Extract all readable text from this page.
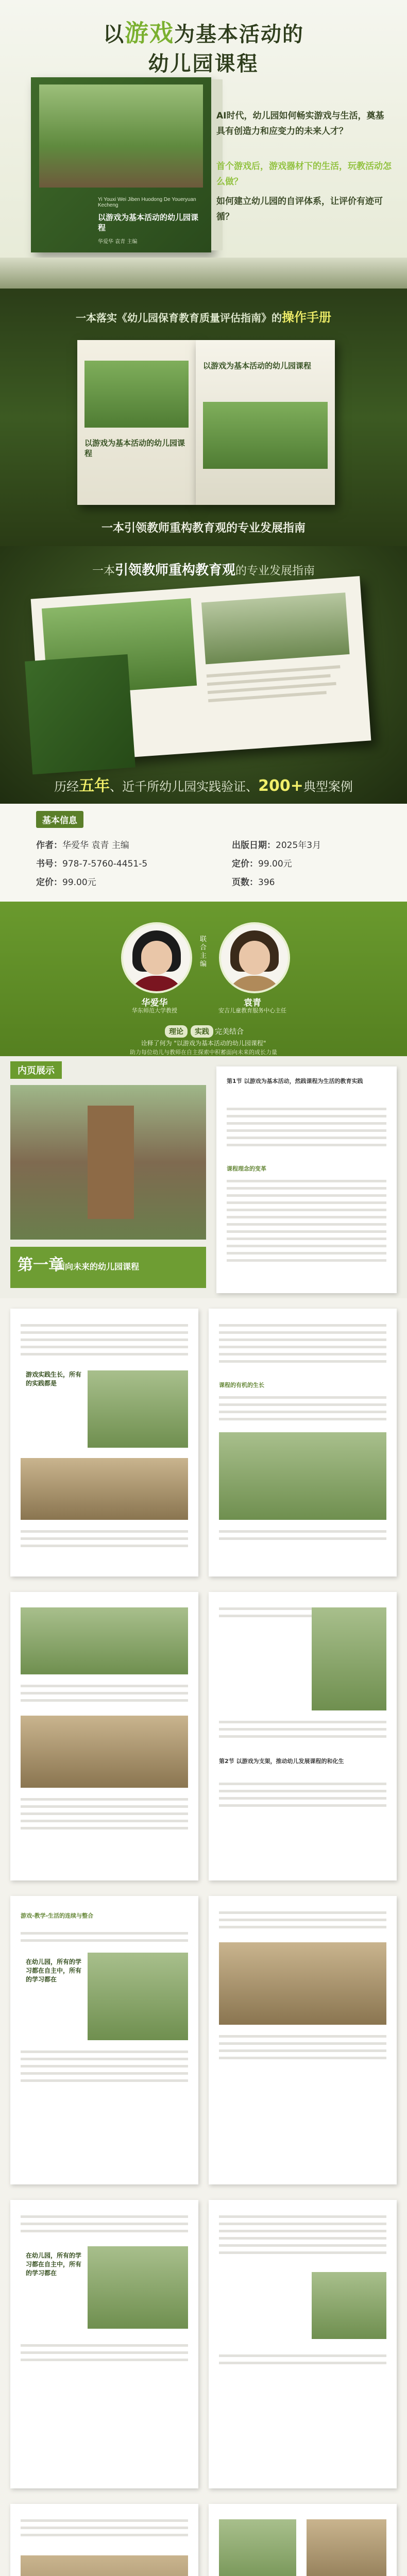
以游戏为基本活动的
幼儿园课程
Yi Youxi Wei Jiben Huodong De Youeryuan Kecheng
以游戏为基本活动的幼儿园课程
华爱华 袁青 主编
AI时代，幼儿园如何畅实游戏与生活，奠基具有创造力和应变力的未来人才？
首个游戏后，游戏器材下的生活，玩教活动怎么做？
如何建立幼儿园的自评体系，让评价有迹可循？
一本落实《幼儿园保育教育质量评估指南》的操作手册
以游戏为基本活动的幼儿园课程
以游戏为基本活动的幼儿园课程
一本引领教师重构教育观的专业发展指南
一本引领教师重构教育观的专业发展指南
历经五年、近千所幼儿园实践验证、200+典型案例
基本信息
作者：华爱华 袁青 主编	出版日期：2025年3月
书号：978-7-5760-4451-5	定价：99.00元
定价：99.00元	页数：396
联合主编
华爱华
华东师范大学教授
袁青
安吉儿童教育服务中心主任
理论 实践 完美结合
诠释了何为 "以游戏为基本活动的幼儿园课程"
助力每位幼儿与教师在自主探索中积蓄面向未来的成长力量
内页展示
第一章
面向未来的幼儿园课程
第1节 以游戏为基本活动，然践课程为生活的教育实践
课程理念的变革
游戏实践生长，所有的实践都是	课程的有机的生长
第2节 以游戏为支架，推动幼儿发展课程的和化生
游戏-教学-生活的连续与整合
在幼儿园，所有的学习都在自主中，所有的学习都在
在幼儿园，所有的学习都在自主中，所有的学习都在
